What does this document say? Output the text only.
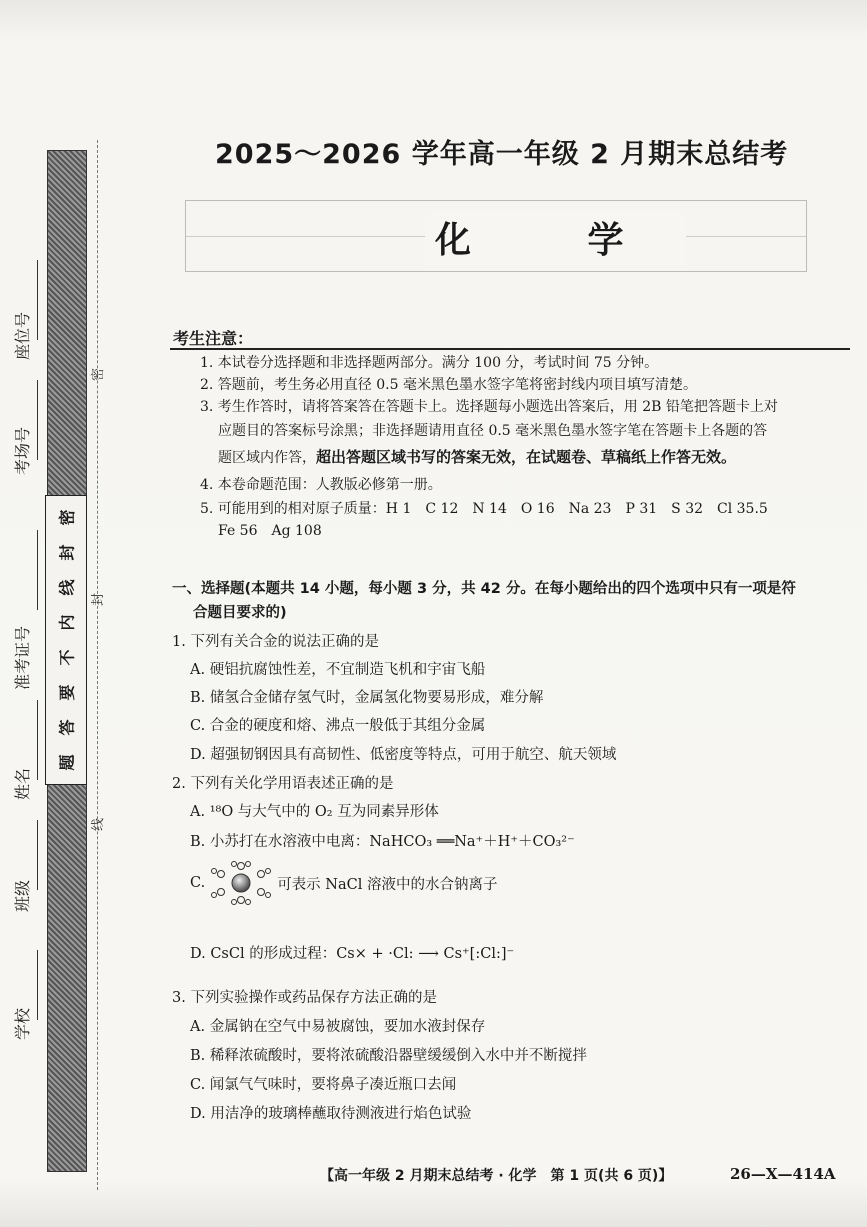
密
封
线
内
不
要
答
题
学校
班级
姓名
准考证号
考场号
座位号
密
封
线
2025～2026 学年高一年级 2 月期末总结考
化 学
考生注意：
1. 本试卷分选择题和非选择题两部分。满分 100 分，考试时间 75 分钟。
2. 答题前，考生务必用直径 0.5 毫米黑色墨水签字笔将密封线内项目填写清楚。
3. 考生作答时，请将答案答在答题卡上。选择题每小题选出答案后，用 2B 铅笔把答题卡上对
应题目的答案标号涂黑；非选择题请用直径 0.5 毫米黑色墨水签字笔在答题卡上各题的答
题区域内作答，超出答题区域书写的答案无效，在试题卷、草稿纸上作答无效。
4. 本卷命题范围：人教版必修第一册。
5. 可能用到的相对原子质量：H 1　C 12　N 14　O 16　Na 23　P 31　S 32　Cl 35.5
Fe 56　Ag 108
一、选择题(本题共 14 小题，每小题 3 分，共 42 分。在每小题给出的四个选项中只有一项是符
合题目要求的)
1. 下列有关合金的说法正确的是
A. 硬铝抗腐蚀性差，不宜制造飞机和宇宙飞船
B. 储氢合金储存氢气时，金属氢化物要易形成，难分解
C. 合金的硬度和熔、沸点一般低于其组分金属
D. 超强韧钢因具有高韧性、低密度等特点，可用于航空、航天领域
2. 下列有关化学用语表述正确的是
A. ¹⁸O 与大气中的 O₂ 互为同素异形体
B. 小苏打在水溶液中电离：NaHCO₃ ══Na⁺＋H⁺＋CO₃²⁻
C.	可表示 NaCl 溶液中的水合钠离子
D. CsCl 的形成过程：Cs× + ·Cl: ⟶ Cs⁺[:Cl:]⁻
3. 下列实验操作或药品保存方法正确的是
A. 金属钠在空气中易被腐蚀，要加水液封保存
B. 稀释浓硫酸时，要将浓硫酸沿器壁缓缓倒入水中并不断搅拌
C. 闻氯气气味时，要将鼻子凑近瓶口去闻
D. 用洁净的玻璃棒蘸取待测液进行焰色试验
【高一年级 2 月期末总结考 · 化学　第 1 页(共 6 页)】	26—X—414A
